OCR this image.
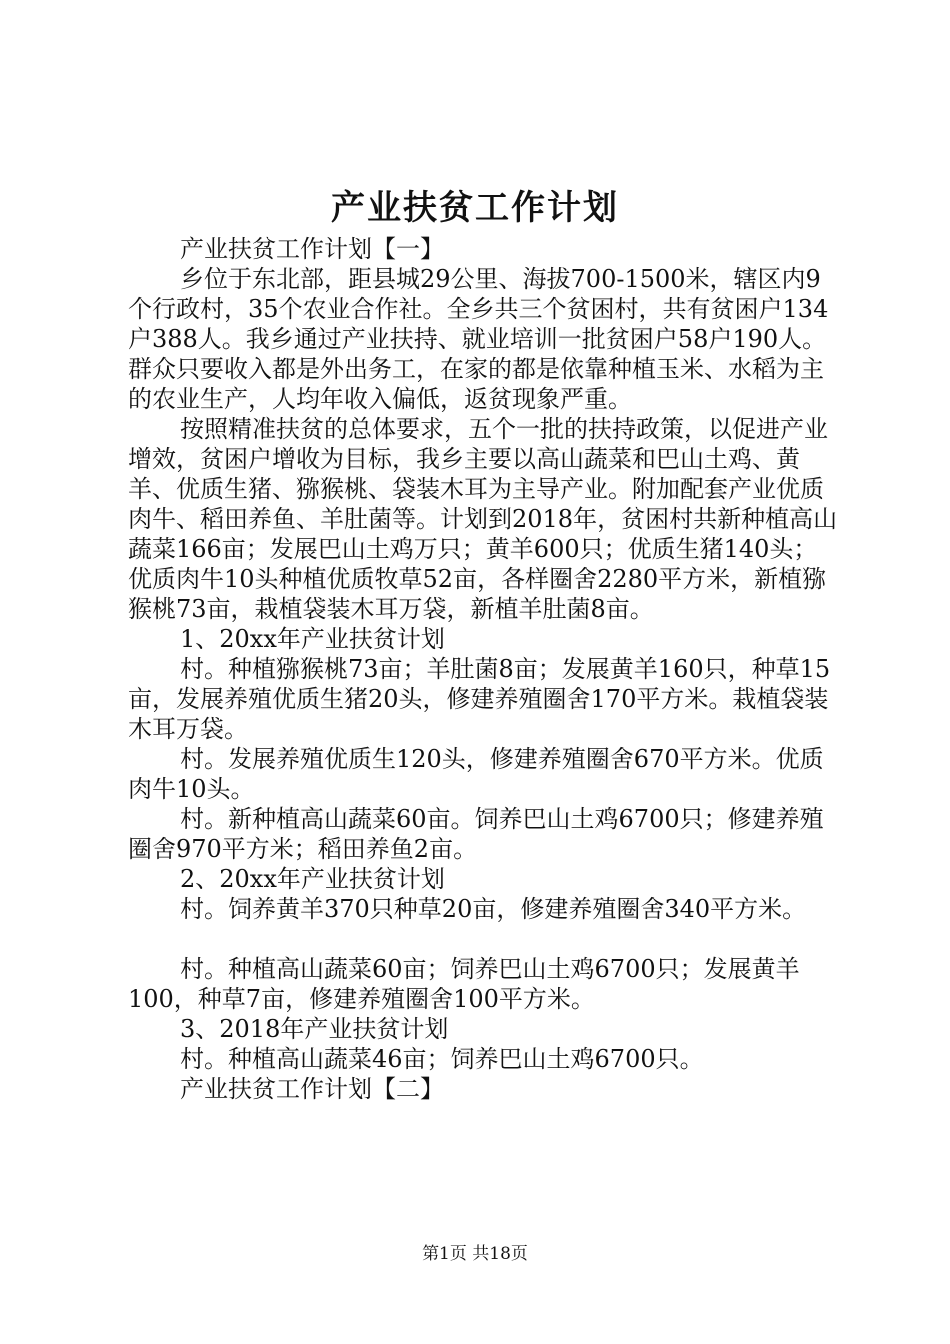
产业扶贫工作计划

产业扶贫工作计划【一】

乡位于东北部，距县城29公里、海拔700-1500米，辖区内9个行政村，35个农业合作社。全乡共三个贫困村，共有贫困户134户388人。我乡通过产业扶持、就业培训一批贫困户58户190人。群众只要收入都是外出务工，在家的都是依靠种植玉米、水稻为主的农业生产，人均年收入偏低，返贫现象严重。

按照精准扶贫的总体要求，五个一批的扶持政策，以促进产业增效，贫困户增收为目标，我乡主要以高山蔬菜和巴山土鸡、黄羊、优质生猪、猕猴桃、袋装木耳为主导产业。附加配套产业优质肉牛、稻田养鱼、羊肚菌等。计划到2018年，贫困村共新种植高山蔬菜166亩；发展巴山土鸡万只；黄羊600只；优质生猪140头；优质肉牛10头种植优质牧草52亩，各样圈舍2280平方米，新植猕猴桃73亩，栽植袋装木耳万袋，新植羊肚菌8亩。

1、20xx年产业扶贫计划

村。种植猕猴桃73亩；羊肚菌8亩；发展黄羊160只，种草15亩，发展养殖优质生猪20头，修建养殖圈舍170平方米。栽植袋装木耳万袋。

村。发展养殖优质生120头，修建养殖圈舍670平方米。优质肉牛10头。

村。新种植高山蔬菜60亩。饲养巴山土鸡6700只；修建养殖圈舍970平方米；稻田养鱼2亩。

2、20xx年产业扶贫计划

村。饲养黄羊370只种草20亩，修建养殖圈舍340平方米。

村。种植高山蔬菜60亩；饲养巴山土鸡6700只；发展黄羊100，种草7亩，修建养殖圈舍100平方米。

3、2018年产业扶贫计划

村。种植高山蔬菜46亩；饲养巴山土鸡6700只。

产业扶贫工作计划【二】

第1页 共18页
